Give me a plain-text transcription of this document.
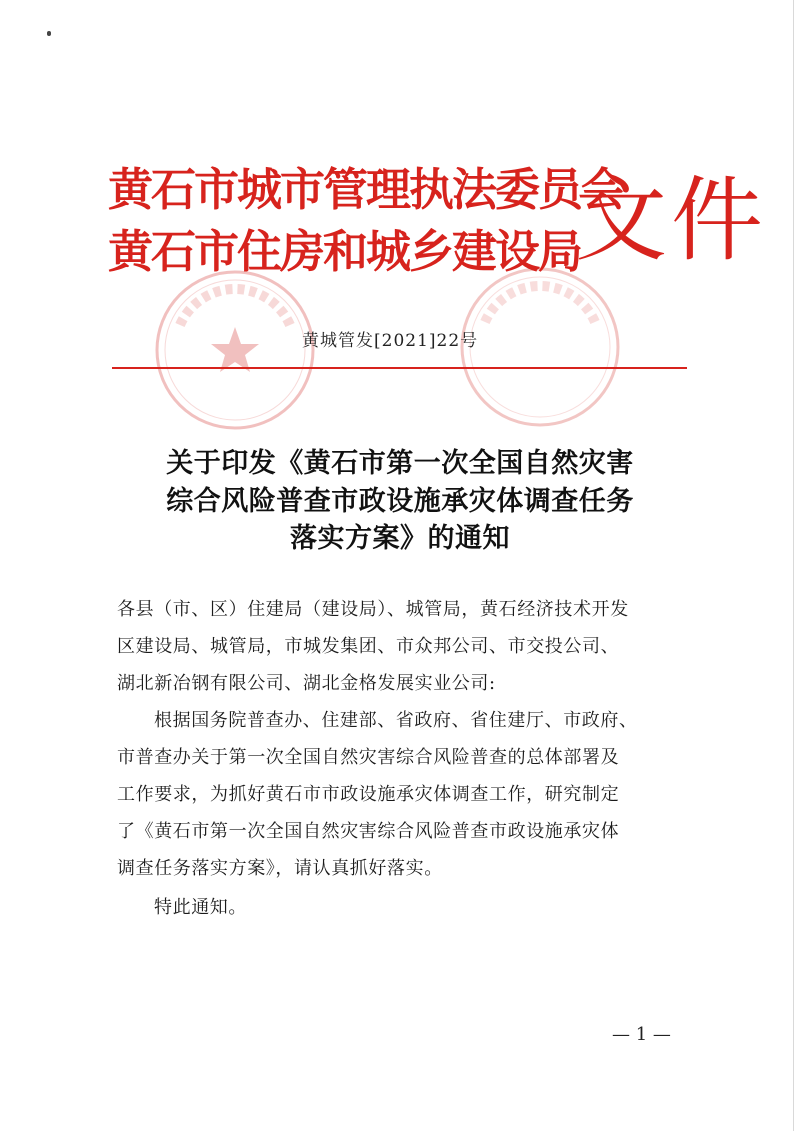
黄石市城市管理执法委员会
黄石市住房和城乡建设局
文件
黄城管发[2021]22号
关于印发《黄石市第一次全国自然灾害
综合风险普查市政设施承灾体调查任务
落实方案》的通知
各县（市、区）住建局（建设局）、城管局，黄石经济技术开发
区建设局、城管局，市城发集团、市众邦公司、市交投公司、
湖北新冶钢有限公司、湖北金格发展实业公司:
根据国务院普查办、住建部、省政府、省住建厅、市政府、
市普查办关于第一次全国自然灾害综合风险普查的总体部署及
工作要求，为抓好黄石市市政设施承灾体调查工作，研究制定
了《黄石市第一次全国自然灾害综合风险普查市政设施承灾体
调查任务落实方案》，请认真抓好落实。
特此通知。
— 1 —
